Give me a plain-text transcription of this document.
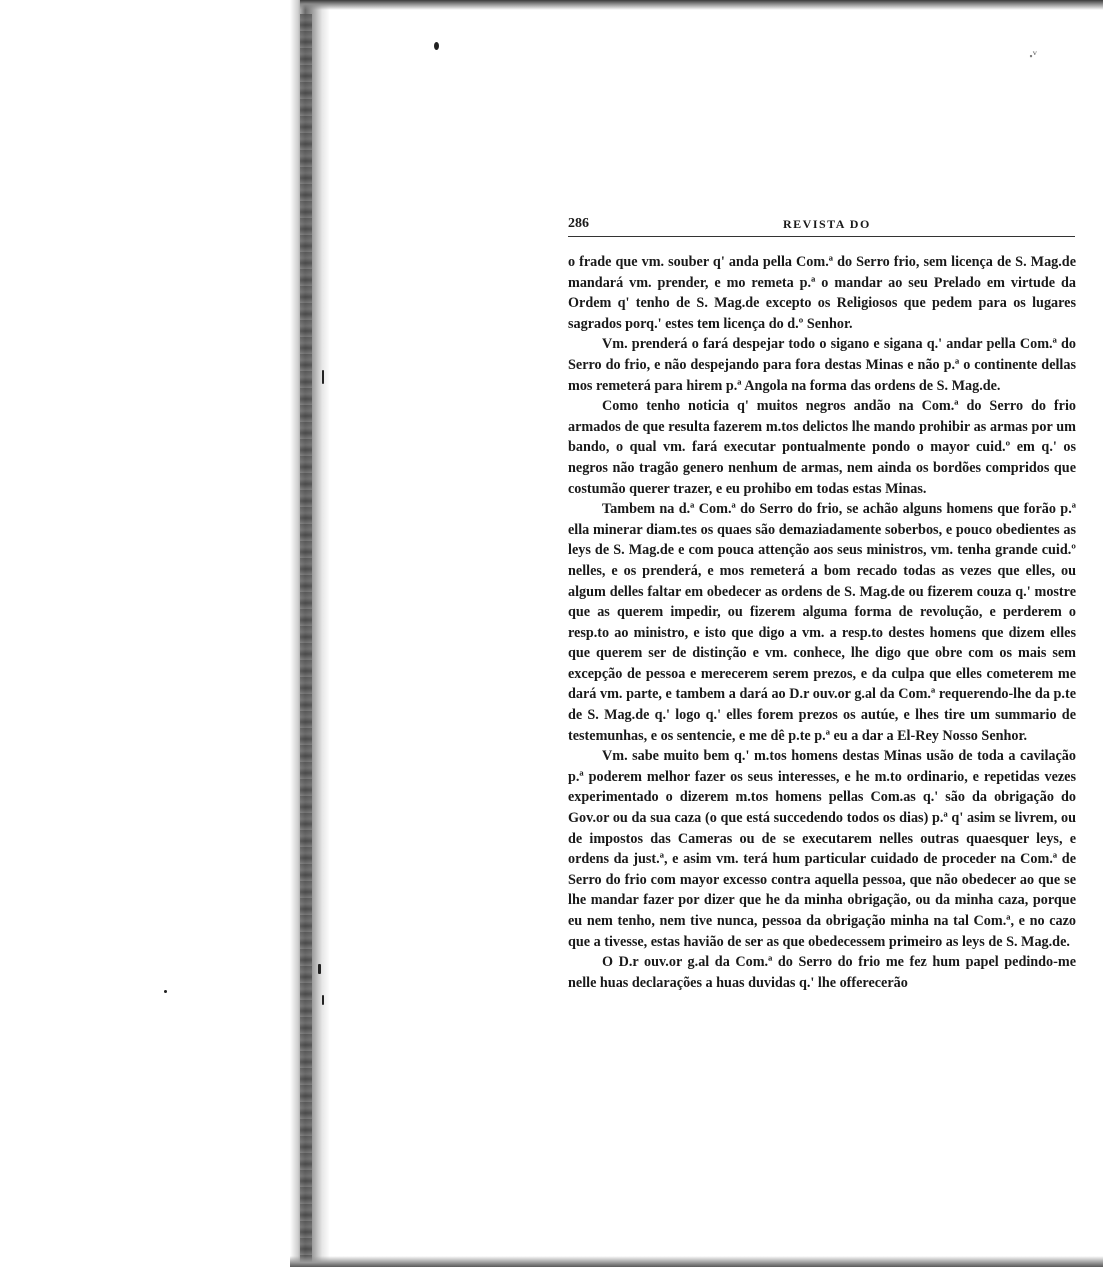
⸼ ᵥ
286	REVISTA DO

o frade que vm. souber q' anda pella Com.ª do Serro frio, sem licença de S. Mag.de mandará vm. prender, e mo remeta p.ª o mandar ao seu Prelado em virtude da Ordem q' tenho de S. Mag.de excepto os Religiosos que pedem para os lugares sagrados porq.' estes tem licença do d.º Senhor.

Vm. prenderá o fará despejar todo o sigano e sigana q.' andar pella Com.ª do Serro do frio, e não despejando para fora destas Minas e não p.ª o continente dellas mos remeterá para hirem p.ª Angola na forma das ordens de S. Mag.de.

Como tenho noticia q' muitos negros andão na Com.ª do Serro do frio armados de que resulta fazerem m.tos delictos lhe mando prohibir as armas por um bando, o qual vm. fará executar pontualmente pondo o mayor cuid.º em q.' os negros não tragão genero nenhum de armas, nem ainda os bordões compridos que costumão querer trazer, e eu prohibo em todas estas Minas.

Tambem na d.ª Com.ª do Serro do frio, se achão alguns homens que forão p.ª ella minerar diam.tes os quaes são demaziadamente soberbos, e pouco obedientes as leys de S. Mag.de e com pouca attenção aos seus ministros, vm. tenha grande cuid.º nelles, e os prenderá, e mos remeterá a bom recado todas as vezes que elles, ou algum delles faltar em obedecer as ordens de S. Mag.de ou fizerem couza q.' mostre que as querem impedir, ou fizerem alguma forma de revolução, e perderem o resp.to ao ministro, e isto que digo a vm. a resp.to destes homens que dizem elles que querem ser de distinção e vm. conhece, lhe digo que obre com os mais sem excepção de pessoa e merecerem serem prezos, e da culpa que elles cometerem me dará vm. parte, e tambem a dará ao D.r ouv.or g.al da Com.ª requerendo-lhe da p.te de S. Mag.de q.' logo q.' elles forem prezos os autúe, e lhes tire um summario de testemunhas, e os sentencie, e me dê p.te p.ª eu a dar a El-Rey Nosso Senhor.

Vm. sabe muito bem q.' m.tos homens destas Minas usão de toda a cavilação p.ª poderem melhor fazer os seus interesses, e he m.to ordinario, e repetidas vezes experimentado o dizerem m.tos homens pellas Com.as q.' são da obrigação do Gov.or ou da sua caza (o que está succedendo todos os dias) p.ª q' asim se livrem, ou de impostos das Cameras ou de se executarem nelles outras quaesquer leys, e ordens da just.ª, e asim vm. terá hum particular cuidado de proceder na Com.ª de Serro do frio com mayor excesso contra aquella pessoa, que não obedecer ao que se lhe mandar fazer por dizer que he da minha obrigação, ou da minha caza, porque eu nem tenho, nem tive nunca, pessoa da obrigação minha na tal Com.ª, e no cazo que a tivesse, estas havião de ser as que obedecessem primeiro as leys de S. Mag.de.

O D.r ouv.or g.al da Com.ª do Serro do frio me fez hum papel pedindo-me nelle huas declarações a huas duvidas q.' lhe offerecerão
